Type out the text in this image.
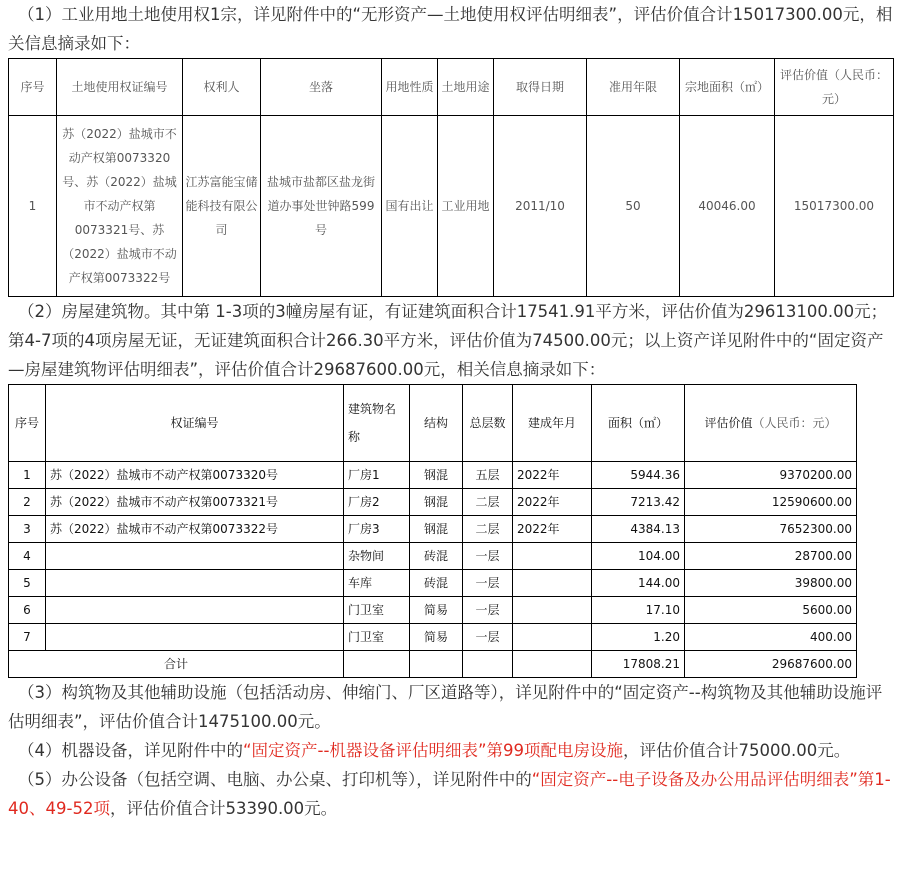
（1）工业用地土地使用权1宗，详见附件中的“无形资产—土地使用权评估明细表”，评估价值合计15017300.00元，相关信息摘录如下：

序号	土地使用权证编号	权利人	坐落	用地性质	土地用途	取得日期	准用年限	宗地面积（㎡）	评估价值（人民币：元）
1	苏（2022）盐城市不动产权第0073320号、苏（2022）盐城市不动产权第0073321号、苏（2022）盐城市不动产权第0073322号	江苏富能宝储能科技有限公司	盐城市盐都区盐龙街道办事处世钟路599号	国有出让	工业用地	2011/10	50	40046.00	15017300.00

（2）房屋建筑物。其中第 1-3项的3幢房屋有证，有证建筑面积合计17541.91平方米，评估价值为29613100.00元；第4-7项的4项房屋无证，无证建筑面积合计266.30平方米，评估价值为74500.00元；以上资产详见附件中的“固定资产—房屋建筑物评估明细表”，评估价值合计29687600.00元，相关信息摘录如下：

序号	权证编号	建筑物名称	结构	总层数	建成年月	面积（㎡）	评估价值（人民币：元）
1	苏（2022）盐城市不动产权第0073320号	厂房1	钢混	五层	2022年	5944.36	9370200.00
2	苏（2022）盐城市不动产权第0073321号	厂房2	钢混	二层	2022年	7213.42	12590600.00
3	苏（2022）盐城市不动产权第0073322号	厂房3	钢混	二层	2022年	4384.13	7652300.00
4		杂物间	砖混	一层		104.00	28700.00
5		车库	砖混	一层		144.00	39800.00
6		门卫室	简易	一层		17.10	5600.00
7		门卫室	简易	一层		1.20	400.00
合计						17808.21	29687600.00

（3）构筑物及其他辅助设施（包括活动房、伸缩门、厂区道路等），详见附件中的“固定资产--构筑物及其他辅助设施评估明细表”，评估价值合计1475100.00元。

（4）机器设备，详见附件中的“固定资产--机器设备评估明细表”第99项配电房设施，评估价值合计75000.00元。

（5）办公设备（包括空调、电脑、办公桌、打印机等），详见附件中的“固定资产--电子设备及办公用品评估明细表”第1-40、49-52项，评估价值合计53390.00元。
